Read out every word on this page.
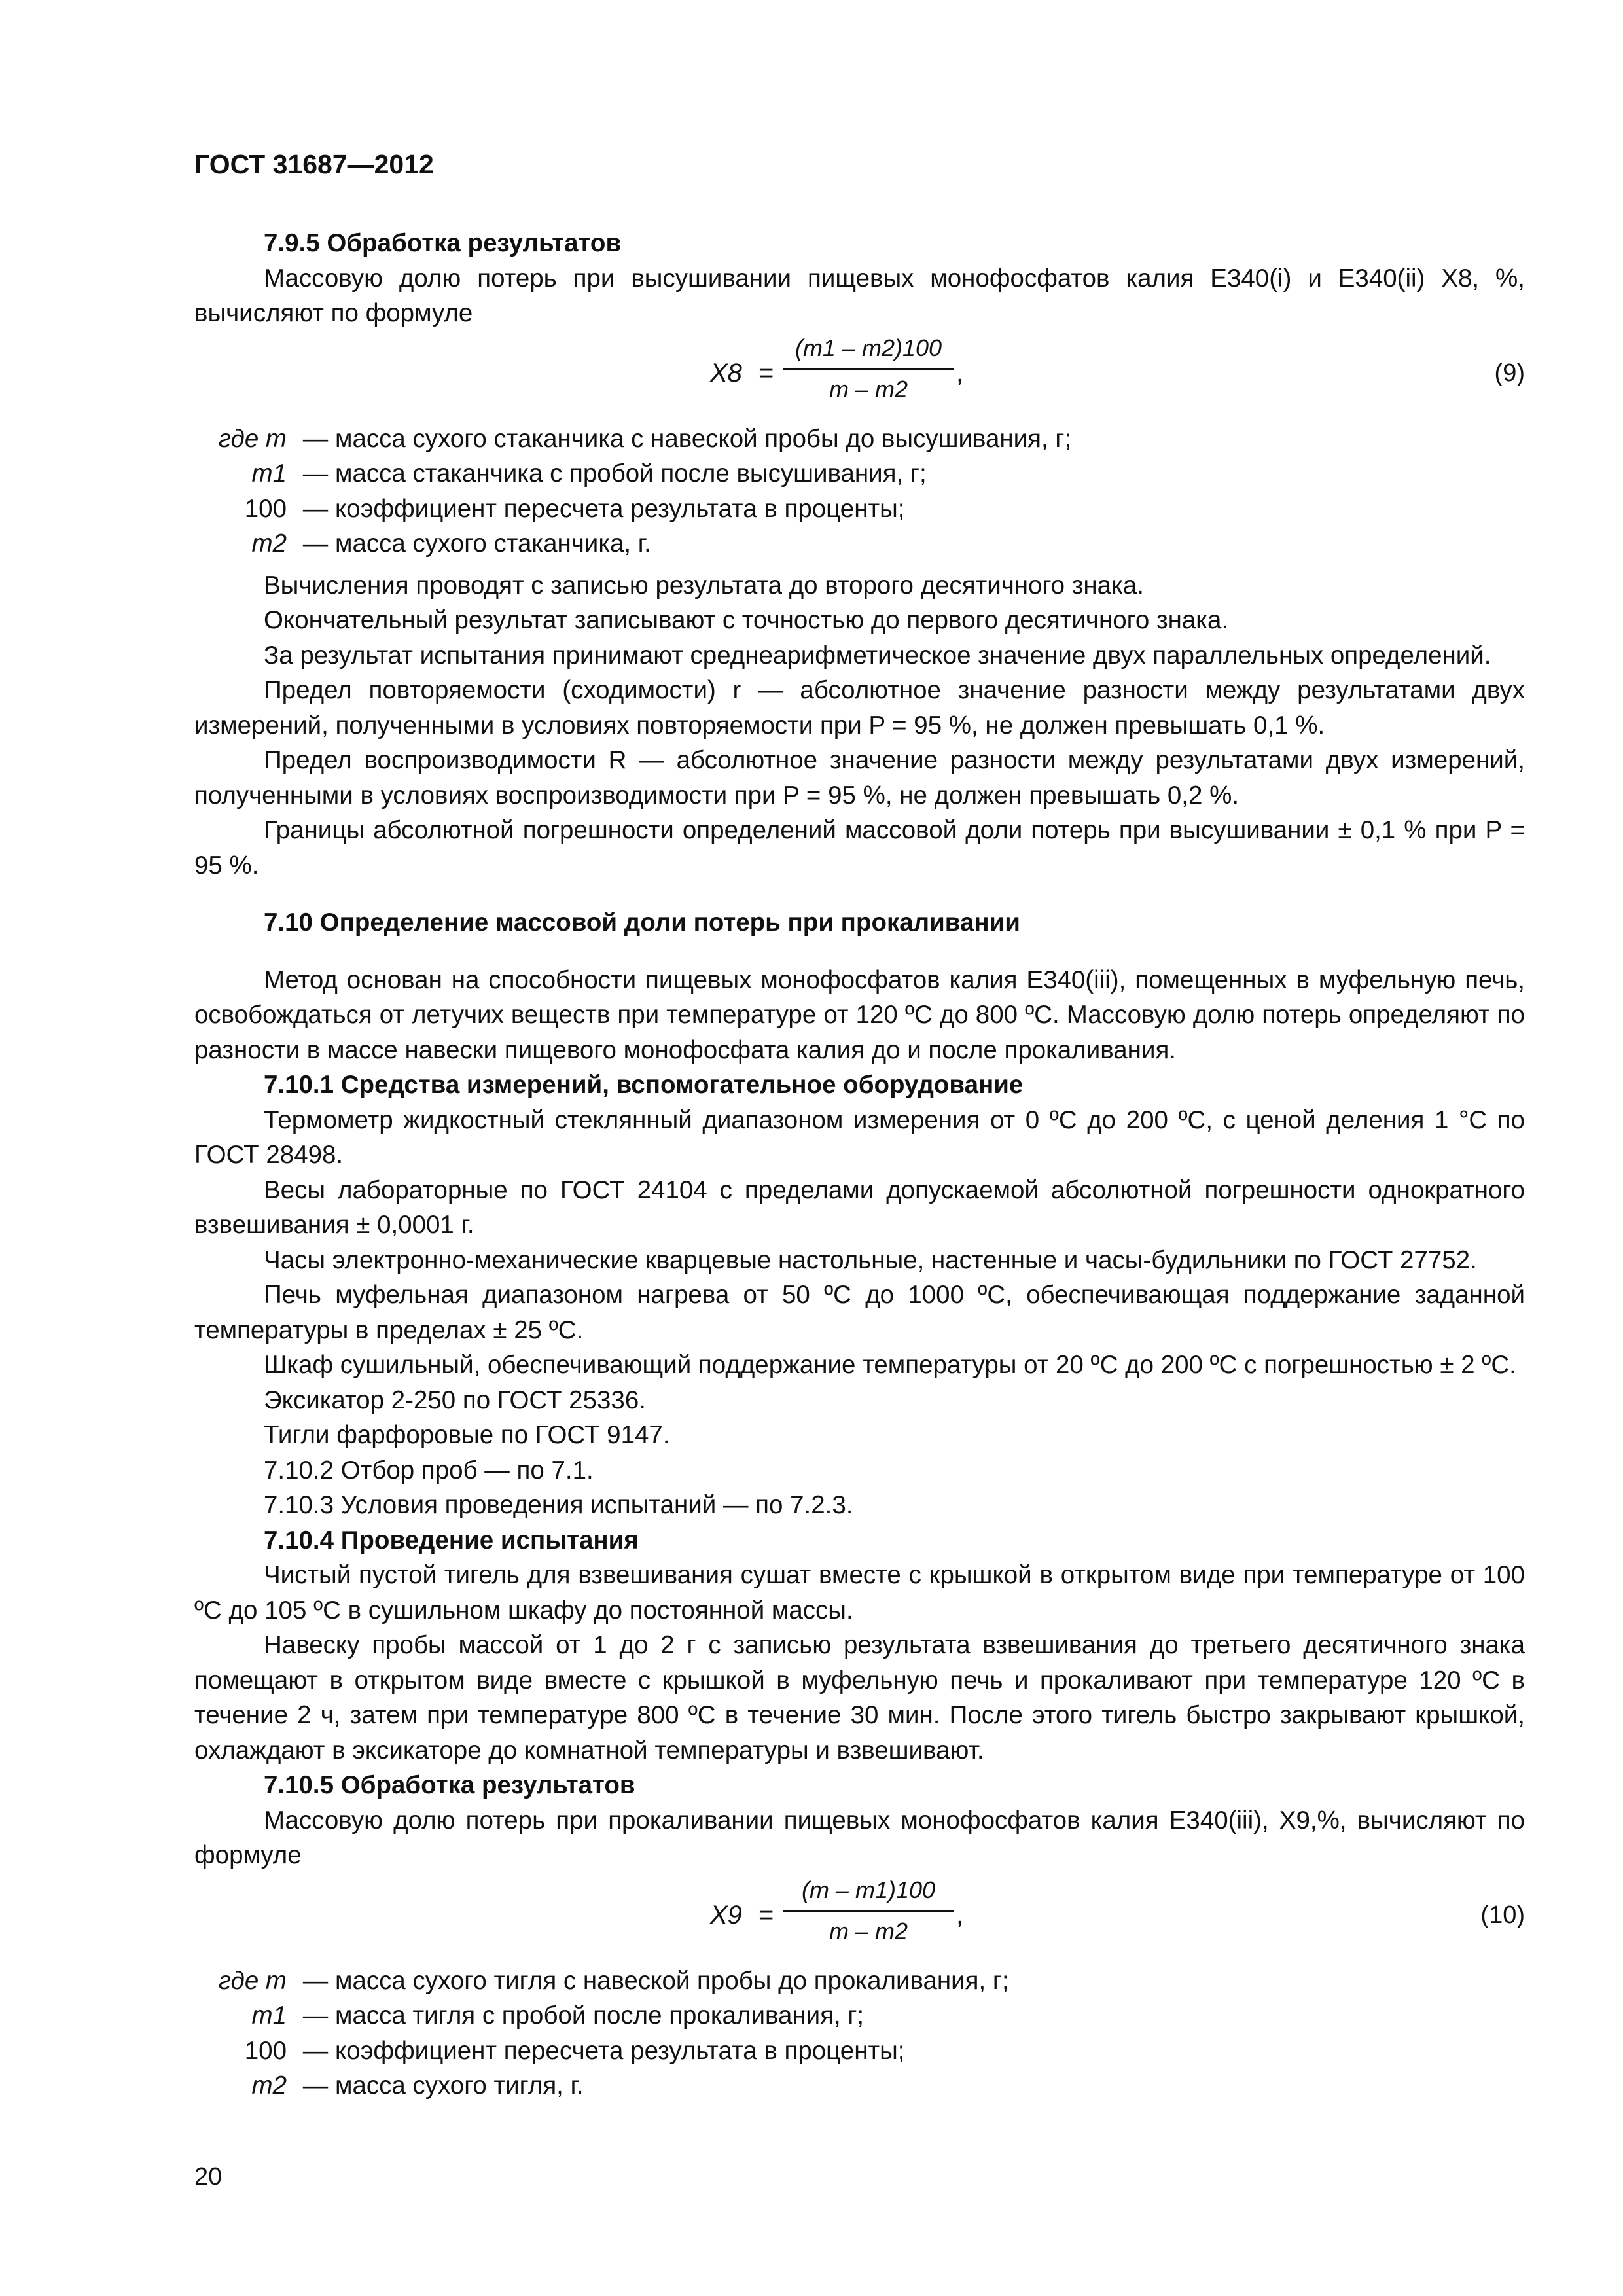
ГОСТ 31687—2012
7.9.5 Обработка результатов

Массовую долю потерь при высушивании пищевых монофосфатов калия E340(i) и E340(ii) X8, %, вычисляют по формуле

X8 =
(m1 – m2)100
m – m2
,	(9)
где m — масса сухого стаканчика с навеской пробы до высушивания, г;
m1 — масса стаканчика с пробой после высушивания, г;
100 — коэффициент пересчета результата в проценты;
m2 — масса сухого стаканчика, г.

Вычисления проводят с записью результата до второго десятичного знака.

Окончательный результат записывают с точностью до первого десятичного знака.

За результат испытания принимают среднеарифметическое значение двух параллельных определений.

Предел повторяемости (сходимости) r — абсолютное значение разности между результатами двух измерений, полученными в условиях повторяемости при P = 95 %, не должен превышать 0,1 %.

Предел воспроизводимости R — абсолютное значение разности между результатами двух измерений, полученными в условиях воспроизводимости при P = 95 %, не должен превышать 0,2 %.

Границы абсолютной погрешности определений массовой доли потерь при высушивании ± 0,1 % при P = 95 %.

7.10 Определение массовой доли потерь при прокаливании

Метод основан на способности пищевых монофосфатов калия E340(iii), помещенных в муфельную печь, освобождаться от летучих веществ при температуре от 120 ºС до 800 ºС. Массовую долю потерь определяют по разности в массе навески пищевого монофосфата калия до и после прокаливания.

7.10.1 Средства измерений, вспомогательное оборудование

Термометр жидкостный стеклянный диапазоном измерения от 0 ºС до 200 ºС, с ценой деления 1 °С по ГОСТ 28498.

Весы лабораторные по ГОСТ 24104 с пределами допускаемой абсолютной погрешности однократного взвешивания ± 0,0001 г.

Часы электронно-механические кварцевые настольные, настенные и часы-будильники по ГОСТ 27752.

Печь муфельная диапазоном нагрева от 50 ºС до 1000 ºС, обеспечивающая поддержание заданной температуры в пределах ± 25 ºС.

Шкаф сушильный, обеспечивающий поддержание температуры от 20 ºС до 200 ºС с погрешностью ± 2 ºС.

Эксикатор 2-250 по ГОСТ 25336.

Тигли фарфоровые по ГОСТ 9147.

7.10.2 Отбор проб — по 7.1.

7.10.3 Условия проведения испытаний — по 7.2.3.

7.10.4 Проведение испытания

Чистый пустой тигель для взвешивания сушат вместе с крышкой в открытом виде при температуре от 100 ºС до 105 ºС в сушильном шкафу до постоянной массы.

Навеску пробы массой от 1 до 2 г с записью результата взвешивания до третьего десятичного знака помещают в открытом виде вместе с крышкой в муфельную печь и прокаливают при температуре 120 ºС в течение 2 ч, затем при температуре 800 ºС в течение 30 мин. После этого тигель быстро закрывают крышкой, охлаждают в эксикаторе до комнатной температуры и взвешивают.

7.10.5 Обработка результатов

Массовую долю потерь при прокаливании пищевых монофосфатов калия E340(iii), X9,%, вычисляют по формуле

X9 =
(m – m1)100
m – m2
,	(10)
где m — масса сухого тигля с навеской пробы до прокаливания, г;
m1 — масса тигля с пробой после прокаливания, г;
100 — коэффициент пересчета результата в проценты;
m2 — масса сухого тигля, г.
20
